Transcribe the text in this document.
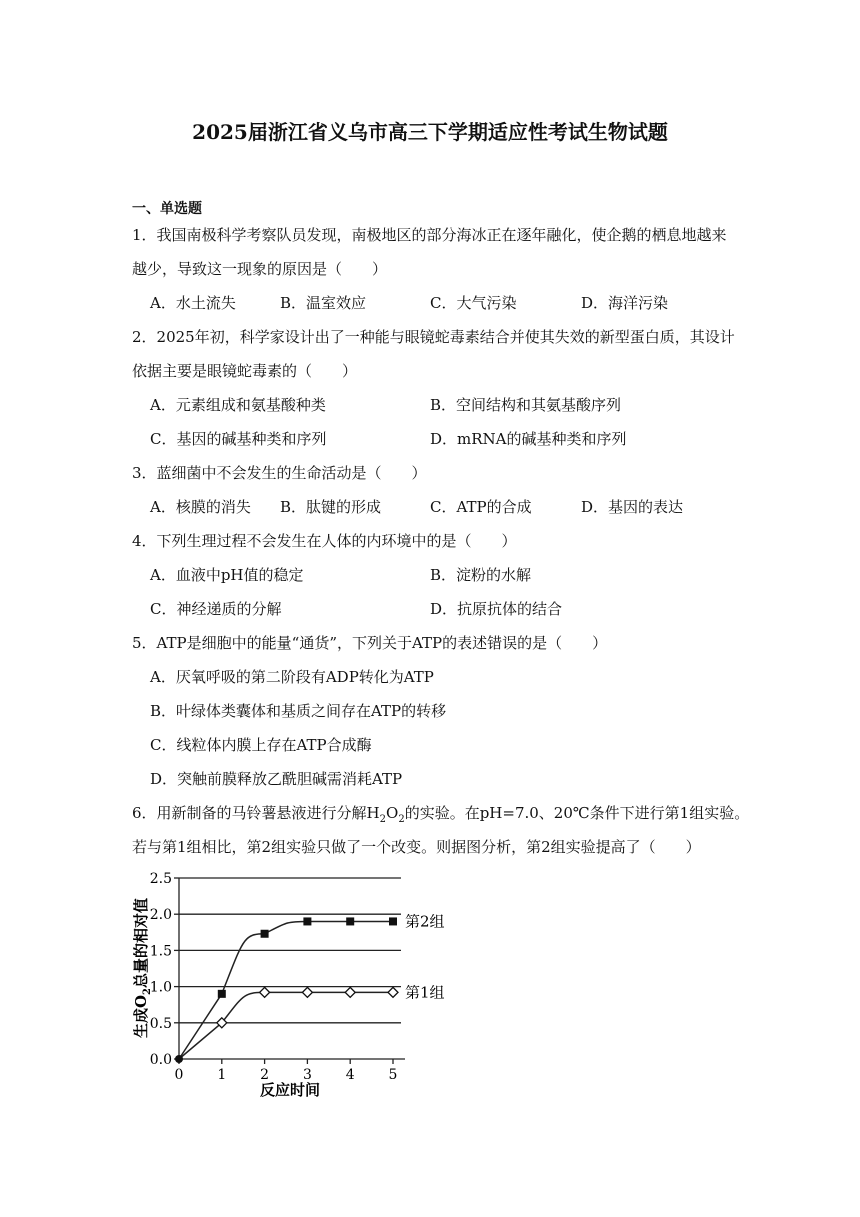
2025届浙江省义乌市高三下学期适应性考试生物试题
一、单选题
1．我国南极科学考察队员发现，南极地区的部分海冰正在逐年融化，使企鹅的栖息地越来
越少，导致这一现象的原因是（　　）
A．水土流失	B．温室效应	C．大气污染	D．海洋污染
2．2025年初，科学家设计出了一种能与眼镜蛇毒素结合并使其失效的新型蛋白质，其设计
依据主要是眼镜蛇毒素的（　　）
A．元素组成和氨基酸种类	B．空间结构和其氨基酸序列
C．基因的碱基种类和序列	D．mRNA的碱基种类和序列
3．蓝细菌中不会发生的生命活动是（　　）
A．核膜的消失 B．肽键的形成	C．ATP的合成	D．基因的表达
4．下列生理过程不会发生在人体的内环境中的是（　　）
A．血液中pH值的稳定	B．淀粉的水解
C．神经递质的分解	D．抗原抗体的结合
5．ATP是细胞中的能量“通货”，下列关于ATP的表述错误的是（　　）
A．厌氧呼吸的第二阶段有ADP转化为ATP
B．叶绿体类囊体和基质之间存在ATP的转移
C．线粒体内膜上存在ATP合成酶
D．突触前膜释放乙酰胆碱需消耗ATP
6．用新制备的马铃薯悬液进行分解$H_2O_2$的实验。在pH=7.0、20℃条件下进行第1组实验。
若与第1组相比，第2组实验只做了一个改变。则据图分析，第2组实验提高了（　　）
0.0
0.5
1.0
1.5
2.0
2.5
0 1 2 3 4 5
反应时间
生成$O_2$总量的相对值	第2组
第1组
